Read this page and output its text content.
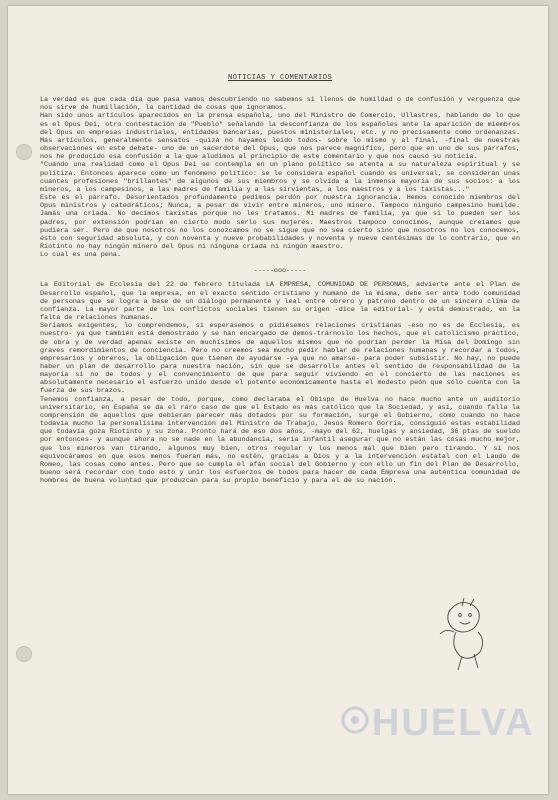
NOTICIAS Y COMENTARIOS

La verdad es que cada día que pasa vamos descubriendo no sabemos si llenos de humildad o de confusión y verguenza que nos sirve de humillación, la cantidad de cosas que ignoramos.

Han sido unos artículos aparecidos en la prensa española, uno del Ministro de Comercio, Ullastres, hablando de lo que es el Opus Dei, otro contestación de "Pueblo" señalando la desconfianza de los españoles ante la aparición de miembros del Opus en empresas industriales, entidades bancarias, puestos ministeriales, etc. y no precisamente como ordenanzas. Más artículos, generalmente sensatos -quizá no hayamos leido todos- sobre lo mismo y al final, -final de nuestras observaciones en este debate- uno de un sacerdote del Opus, que nos parece magnifico, pero que en uno de sus párrafos, nos he producido esa confusión a la que aludimos al principio de este comentario y que nos causó su noticia.

"Cuando una realidad como el Opus Dei se contempla en un plano político se atenta a su naturaleza espiritual y se politiza. Entonces aparece como un fenómeno político: se le considera español cuando es universal, se consideran unas cuantes profesiones "brillantes" de algunos de sus miembros y se olvida a la inmensa mayoría de sus socios: a los mineros, a los campesinos, a las madres de familia y a las sirvientas, a los maestros y a los taxistas..."

Este es el párrafo. Desorientados profundamente pedimos perdón por nuestra ignorancia. Hemos conocido miembros del Opus ministros y catedráticos; Nunca, a pesar de vivir entre mineros, uno minero. Tampoco ninguno campesino humilde. Jamás una criada. No decimos taxistas porque no les tratamos. Mi madres de familia, ya que si lo pueden ser los padres, por extensión podrían en cierto modo serlo sus mujeres. Maestros tampoco conocimos, aunque creíamos que pudiera ser. Pero de que nosotros no los conozcamos no se sigue que no sea cierto sino que nosotros no los conocemos, ésto con seguridad absoluta, y con noventa y nueve probabilidades y noventa y nueve centésimas de lo contrario, que en Riotinto no hay ningún minero del Opus ni ninguna criada ni ningún maestro.

Lo cual es una pena.

-----ooo-----

La Editorial de Ecclesia del 22 de febrero titulada LA EMPRESA, COMUNIDAD DE PERSONAS, advierte ante el Plan de Desarrollo español, que la empresa, en el exacto sentido cristiano y humano de la misma, debe ser ante todo comunidad de personas que se logra a base de un diálogo permanente y leal entre obrero y patrono dentro de un sincero clima de confianza. La mayor parte de los conflictos sociales tienen su origen -dice la editorial- y está demostrado, en la falta de relaciones humanas.

Seríamos exigentes, lo comprendemos, si esperásemos o pidiésemos relaciones cristianas -eso no es de Ecclesia, es nuestro- ya que también está demostrado y se han encargado de demos-trárnoslo los hechos, que el catolicismo práctico, de obra y de verdad apenas existe en muchísimos de aquellos mismos que no podrían perder la Misa del Domingo sin graves remordimientos de conciencia. Pero no creemos sea mucho pedir hablar de relaciones humanas y recordar a todos, empresarios y obreros, la obligación que tienen de ayudarse -ya que no amarse- para poder subsistir. No hay, no puede haber un plan de desarrollo para nuestra nación, sin que se desarrolle antes el sentido de responsabilidad de la mayoría si no de todos y el convencimiento de que para seguir viviendo en el concierto de las naciones es absolutamente necesario el esfuerzo unido desde el potente económicamente hasta el modesto peón que sólo cuenta con la fuerza de sus brazos.

Tenemos confianza, a pesar de todo, porque, como declaraba el Obispo de Huelva no hace mucho ante un auditorio universitario, en España se da el raro caso de que el Estado es más católico que la Sociedad, y así, cuando falla la comprensión de aquellos que debieran parecer más dotados por su formación, surge el Gobierno, como cuando no hace todavía mucho la personalísima intervención del Ministro de Trabajo, Jesús Romero Gorría, consiguió estas estabilidad que todavía goza Riotinto y su zona. Pronto hará de eso dos años, -mayo del 62, huelgas y ansiedad, 36 ptas de sueldo por entonces- y aunque ahora no se nade en la abundancia, sería infantil asegurar que no están las cosas mucho mejor, que los mineros van tirando, algunos muy bien, otros regular y los menos mal que bien pero tirando. Y si nos equivocáramos en que esos menos fueran más, no estén, gracias a Dios y a la intervención estatal con el Laudo de Romeo, las cosas como antes. Pero que se cumpla el afán social del Gobierno y con ello un fin del Plan de Desarrollo, bueno será recordar con todo esto y unir los esfuerzos de todos para hacer de cada Empresa una auténtica comunidad de hombres de buena voluntad que produzcan para su propio beneficio y para el de su nación.

HUELVA
